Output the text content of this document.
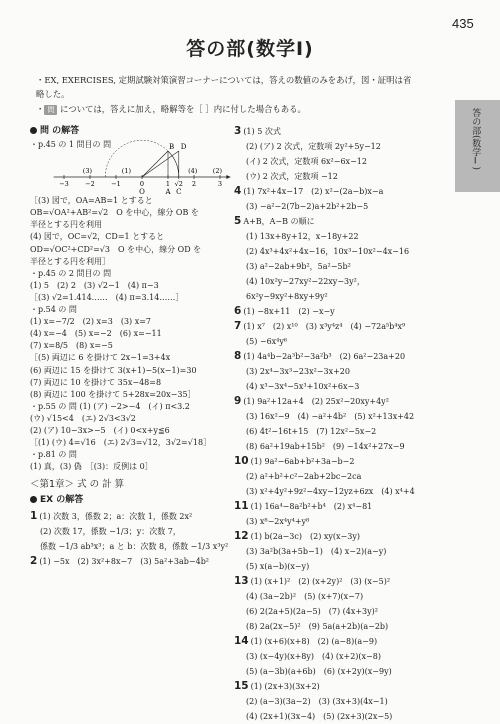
435
答の部(数学Ⅰ)

・EX, EXERCISES, 定期試験対策演習コーナーについては，答えの数値のみをあげ，図・証明は省略した。

・ 問 については，答えに加え，略解等を［ ］内に付した場合もある。	答の部(数学Ⅰ)
問 の解答
・p.45 の 1 問目の 問
−3	−2	−1	0	1 √2 2	3
O	A C
B D
(3)	(1)	(4) (2)
［(3) 図で，OA=AB=1 とすると
OB=√OA²+AB²=√2　O を中心，線分 OB を
半径とする円を利用
(4) 図で，OC=√2，CD=1 とすると
OD=√OC²+CD²=√3　O を中心，線分 OD を
半径とする円を利用］
・p.45 の 2 問目の 問
(1) 5　(2) 2　(3) √2−1　(4) π−3
［(3) √2=1.414……　(4) π=3.14……］
・p.54 の 問
(1) x=−7/2　(2) x=3　(3) x=7
(4) x=−4　(5) x=−2　(6) x=−11
(7) x=8/5　(8) x=−5
［(5) 両辺に 6 を掛けて 2x−1=3+4x
(6) 両辺に 15 を掛けて 3(x+1)−5(x−1)=30
(7) 両辺に 10 を掛けて 35x−48=8
(8) 両辺に 100 を掛けて 5+28x=20x−35］
・p.55 の 問 (1) (ア) −2>−4　(イ) π<3.2
(ウ) √15<4　(エ) 2√3<3√2
(2) (ア) 10−3x>−5　(イ) 0<x+y≦6
［(1) (ウ) 4=√16　(エ) 2√3=√12，3√2=√18］
・p.81 の 問
(1) 真，(3) 偽　［(3)：反例は 0］
＜第1章＞ 式 の 計 算
EX の解答
1 (1) 次数 3，係数 2；a：次数 1，係数 2x²
(2) 次数 17，係数 −1/3；y：次数 7，
係数 −1/3 ab³x³；a と b：次数 8，係数 −1/3 x³y²
2 (1) −5x　(2) 3x²+8x−7　(3) 5a²+3ab−4b²
3 (1) 5 次式
(2) (ア) 2 次式，定数項 2y²+5y−12
(イ) 2 次式，定数項 6x²−6x−12
(ウ) 2 次式，定数項 −12
4 (1) 7x²+4x−17　(2) x²−(2a−b)x−a
(3) −a²−2(7b−2)a+2b²+2b−5
5 A+B，A−B の順に
(1) 13x+8y+12，x−18y+22
(2) 4x³+4x²+4x−16，10x³−10x²−4x−16
(3) a²−2ab+9b²，5a²−5b²
(4) 10x²y−27xy²−22xy−3y²，
6x²y−9xy²+8xy+9y²
6 (1) −8x+11　(2) −x−y
7 (1) x⁷　(2) x¹⁰　(3) x³y⁴z⁴　(4) −72a⁵b⁴x⁹
(5) −6x⁴y⁶
8 (1) 4a⁴b−2a³b²−3a²b³　(2) 6a²−23a+20
(3) 2x⁴−3x³−23x²−3x+20
(4) x³−3x⁴−5x³+10x²+6x−3
9 (1) 9a²+12a+4　(2) 25x²−20xy+4y²
(3) 16x²−9　(4) −a²+4b²　(5) x²+13x+42
(6) 4t²−16t+15　(7) 12x²−5x−2
(8) 6a²+19ab+15b²　(9) −14x²+27x−9
10 (1) 9a²−6ab+b²+3a−b−2
(2) a²+b²+c²−2ab+2bc−2ca
(3) x²+4y²+9z²−4xy−12yz+6zx　(4) x⁴+4
11 (1) 16a⁴−8a²b²+b⁴　(2) x⁴−81
(3) x⁸−2x⁴y⁴+y⁸
12 (1) b(2a−3c)　(2) xy(x−3y)
(3) 3a²b(3a+5b−1)　(4) x−2)(a−y)
(5) x(a−b)(x−y)
13 (1) (x+1)²　(2) (x+2y)²　(3) (x−5)²
(4) (3a−2b)²　(5) (x+7)(x−7)
(6) 2(2a+5)(2a−5)　(7) (4x+3y)²
(8) 2a(2x−5)²　(9) 5a(a+2b)(a−2b)
14 (1) (x+6)(x+8)　(2) (a−8)(a−9)
(3) (x−4y)(x+8y)　(4) (x+2)(x−8)
(5) (a−3b)(a+6b)　(6) (x+2y)(x−9y)
15 (1) (2x+3)(3x+2)
(2) (a−3)(3a−2)　(3) (3x+3)(4x−1)
(4) (2x+1)(3x−4)　(5) (2x+3)(2x−5)
